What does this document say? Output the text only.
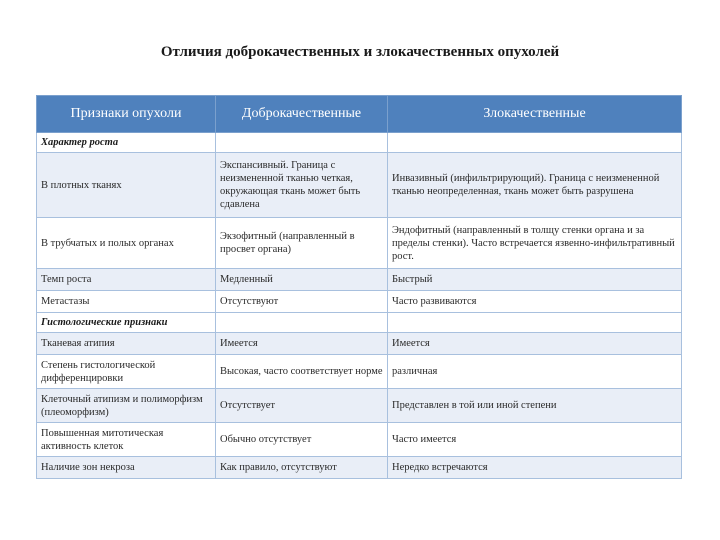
Отличия доброкачественных и злокачественных опухолей
Признаки опухоли	Доброкачественные	Злокачественные
Характер роста		
В плотных тканях	Экспансивный. Граница с неизмененной тканью четкая, окружающая ткань может быть сдавлена	Инвазивный (инфильтрирующий). Граница с неизмененной тканью неопределенная, ткань может быть разрушена
В трубчатых и полых органах	Экзофитный (направленный в просвет органа)	Эндофитный (направленный в толщу стенки органа и за пределы стенки). Часто встречается язвенно-инфильтративный рост.
Темп роста	Медленный	Быстрый
Метастазы	Отсутствуют	Часто развиваются
Гистологические признаки		
Тканевая атипия	Имеется	Имеется
Степень гистологической дифференцировки	Высокая, часто соответствует норме	различная
Клеточный атипизм и полиморфизм (плеоморфизм)	Отсутствует	Представлен в той или иной степени
Повышенная митотическая активность клеток	Обычно отсутствует	Часто имеется
Наличие зон некроза	Как правило, отсутствуют	Нередко встречаются
